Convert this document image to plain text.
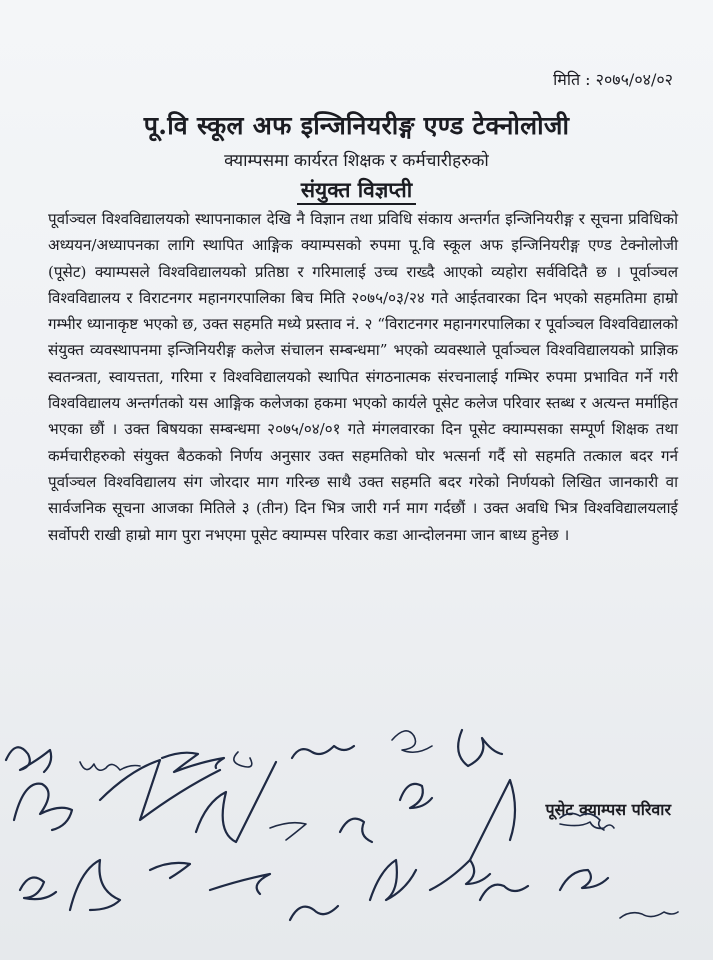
मिति : २०७५/०४/०२
पू.वि स्कूल अफ इन्जिनियरीङ्ग एण्ड टेक्नोलोजी

क्याम्पसमा कार्यरत शिक्षक र कर्मचारीहरुको

संयुक्त विज्ञप्ती

पूर्वाञ्चल विश्वविद्यालयको स्थापनाकाल देखि नै विज्ञान तथा प्रविधि संकाय अन्तर्गत इन्जिनियरीङ्ग र सूचना प्रविधिको अध्ययन/अध्यापनका लागि स्थापित आङ्गिक क्याम्पसको रुपमा पू.वि स्कूल अफ इन्जिनियरीङ्ग एण्ड टेक्नोलोजी (पूसेट) क्याम्पसले विश्वविद्यालयको प्रतिष्ठा र गरिमालाई उच्च राख्दै आएको व्यहोरा सर्वविदितै छ । पूर्वाञ्चल विश्वविद्यालय र विराटनगर महानगरपालिका बिच मिति २०७५/०३/२४ गते आईतवारका दिन भएको सहमतिमा हाम्रो गम्भीर ध्यानाकृष्ट भएको छ, उक्त सहमति मध्ये प्रस्ताव नं. २ “विराटनगर महानगरपालिका र पूर्वाञ्चल विश्वविद्यालको संयुक्त व्यवस्थापनमा इन्जिनियरीङ्ग कलेज संचालन सम्बन्धमा” भएको व्यवस्थाले पूर्वाञ्चल विश्वविद्यालयको प्राज्ञिक स्वतन्त्रता, स्वायत्तता, गरिमा र विश्वविद्यालयको स्थापित संगठनात्मक संरचनालाई गम्भिर रुपमा प्रभावित गर्ने गरी विश्वविद्यालय अन्तर्गतको यस आङ्गिक कलेजका हकमा भएको कार्यले पूसेट कलेज परिवार स्तब्ध र अत्यन्त मर्माहित भएका छौं । उक्त बिषयका सम्बन्धमा २०७५/०४/०१ गते मंगलवारका दिन पूसेट क्याम्पसका सम्पूर्ण शिक्षक तथा कर्मचारीहरुको संयुक्त बैठकको निर्णय अनुसार उक्त सहमतिको घोर भत्सर्ना गर्दै सो सहमति तत्काल बदर गर्न पूर्वाञ्चल विश्वविद्यालय संग जोरदार माग गरिन्छ साथै उक्त सहमति बदर गरेको निर्णयको लिखित जानकारी वा सार्वजनिक सूचना आजका मितिले ३ (तीन) दिन भित्र जारी गर्न माग गर्दछौं । उक्त अवधि भित्र विश्वविद्यालयलाई सर्वोपरी राखी हाम्रो माग पुरा नभएमा पूसेट क्याम्पस परिवार कडा आन्दोलनमा जान बाध्य हुनेछ ।

पूसेट क्याम्पस परिवार
